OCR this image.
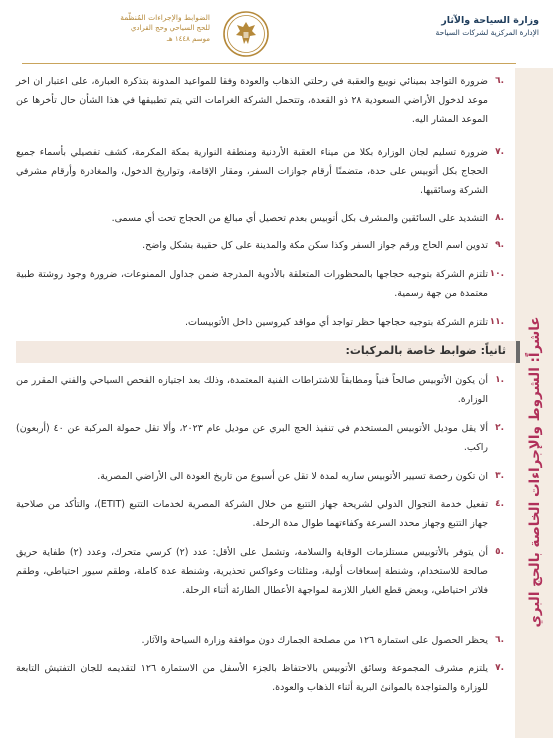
وزارة السياحة والآثار
الإدارة المركزية لشركات السياحة
الضوابط والإجراءات المُنظّمة
للحج السياحي وحج القرادي
موسم ١٤٤٨ هـ
عاشراً: الشروط والإجراءات الخاصة بالحج البري
.٦
ضرورة التواجد بمينائي نويبع والعقبة في رحلتي الذهاب والعودة وفقا للمواعيد المدونة بتذكرة العبارة، على اعتبار ان اخر موعد لدخول الأراضي السعودية ٢٨ ذو القعدة، وتتحمل الشركة الغرامات التي يتم تطبيقها في هذا الشأن حال تأخرها عن الموعد المشار اليه.
.٧
ضرورة تسليم لجان الوزارة بكلا من ميناء العقبة الأردنية ومنطقة النوارية بمكة المكرمة، كشف تفصيلي بأسماء جميع الحجاج بكل أتوبيس على حدة، متضمنًا أرقام جوازات السفر، ومقار الإقامة، وتواريخ الدخول، والمغادرة وأرقام مشرفي الشركة وسائقيها.
.٨
التشديد على السائقين والمشرف بكل أتوبيس بعدم تحصيل أي مبالغ من الحجاج تحت أي مسمى.
.٩
تدوين اسم الحاج ورقم جواز السفر وكذا سكن مكة والمدينة على كل حقيبة بشكل واضح.
.١٠
تلتزم الشركة بتوجيه حجاجها بالمحظورات المتعلقة بالأدوية المدرجة ضمن جداول الممنوعات، ضرورة وجود روشتة طبية معتمدة من جهة رسمية.
.١١
تلتزم الشركة بتوجيه حجاجها حظر تواجد أي مواقد كيروسين داخل الأتوبيسات.
ثانياً: ضوابط خاصة بالمركبات:
.١
أن يكون الأتوبيس صالحاً فنياً ومطابقاً للاشتراطات الفنية المعتمدة، وذلك بعد اجتيازه الفحص السياحي والفني المقرر من الوزارة.
.٢
ألا يقل موديل الأتوبيس المستخدم في تنفيذ الحج البري عن موديل عام ٢٠٢٣، وألا تقل حمولة المركبة عن ٤٠ (أربعون) راكب.
.٣
ان تكون رخصة تسيير الأتوبيس ساريه لمدة لا تقل عن أسبوع من تاريخ العودة الى الأراضي المصرية.
.٤
تفعيل خدمة التجوال الدولي لشريحة جهاز التتبع من خلال الشركة المصرية لخدمات التتبع (ETIT)، والتأكد من صلاحية جهاز التتبع وجهاز محدد السرعة وكفاءتهما طوال مدة الرحلة.
.٥
أن يتوفر بالأتوبيس مستلزمات الوقاية والسلامة، وتشمل على الأقل: عدد (٢) كرسي متحرك، وعدد (٢) طفاية حريق صالحة للاستخدام، وشنطة إسعافات أولية، ومثلثات وعواكس تحذيرية، وشنطة عدة كاملة، وطقم سيور احتياطي، وطقم فلاتر احتياطي، وبعض قطع الغيار اللازمة لمواجهة الأعطال الطارئة أثناء الرحلة.
.٦
يحظر الحصول على استمارة ١٢٦ من مصلحة الجمارك دون موافقة وزارة السياحة والآثار.
.٧
يلتزم مشرف المجموعة وسائق الأتوبيس بالاحتفاظ بالجزء الأسفل من الاستمارة ١٢٦ لتقديمه للجان التفتيش التابعة للوزارة والمتواجدة بالموانئ البرية أثناء الذهاب والعودة.
